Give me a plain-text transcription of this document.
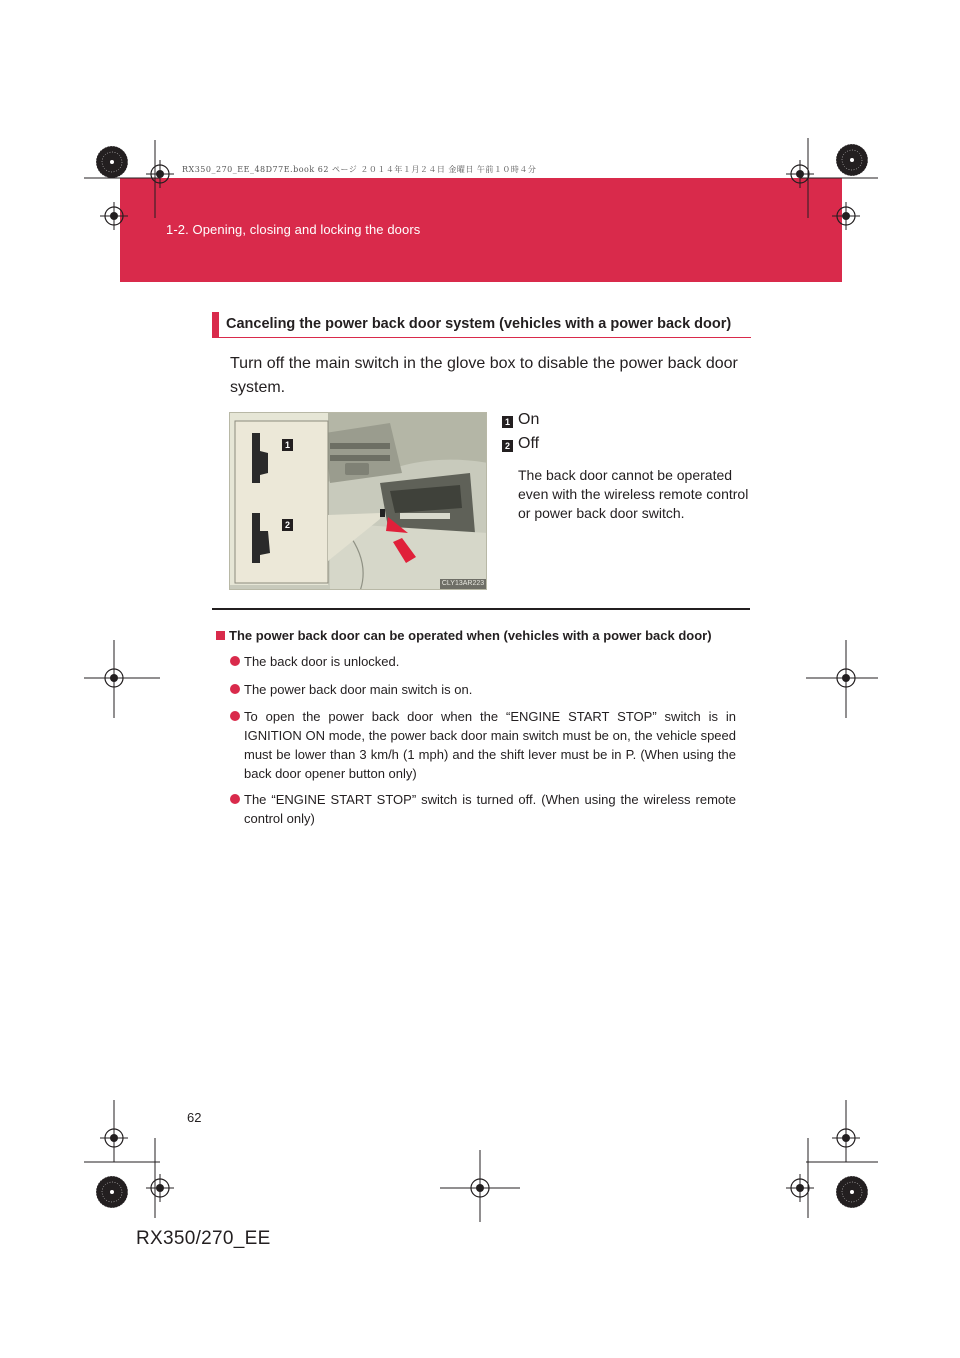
1-2. Opening, closing and locking the doors
RX350_270_EE_48D77E.book 62 ページ ２０１４年１月２４日 金曜日 午前１０時４分
Canceling the power back door system (vehicles with a power back door)
Turn off the main switch in the glove box to disable the power back door system.
1
2
CLY13AR223
1 On
2 Off
The back door cannot be operated even with the wireless remote control or power back door switch.
The power back door can be operated when (vehicles with a power back door)
The back door is unlocked.
The power back door main switch is on.
To open the power back door when the “ENGINE START STOP” switch is in IGNITION ON mode, the power back door main switch must be on, the vehicle speed must be lower than 3 km/h (1 mph) and the shift lever must be in P. (When using the back door opener button only)
The “ENGINE START STOP” switch is turned off. (When using the wireless remote control only)
62
RX350/270_EE
